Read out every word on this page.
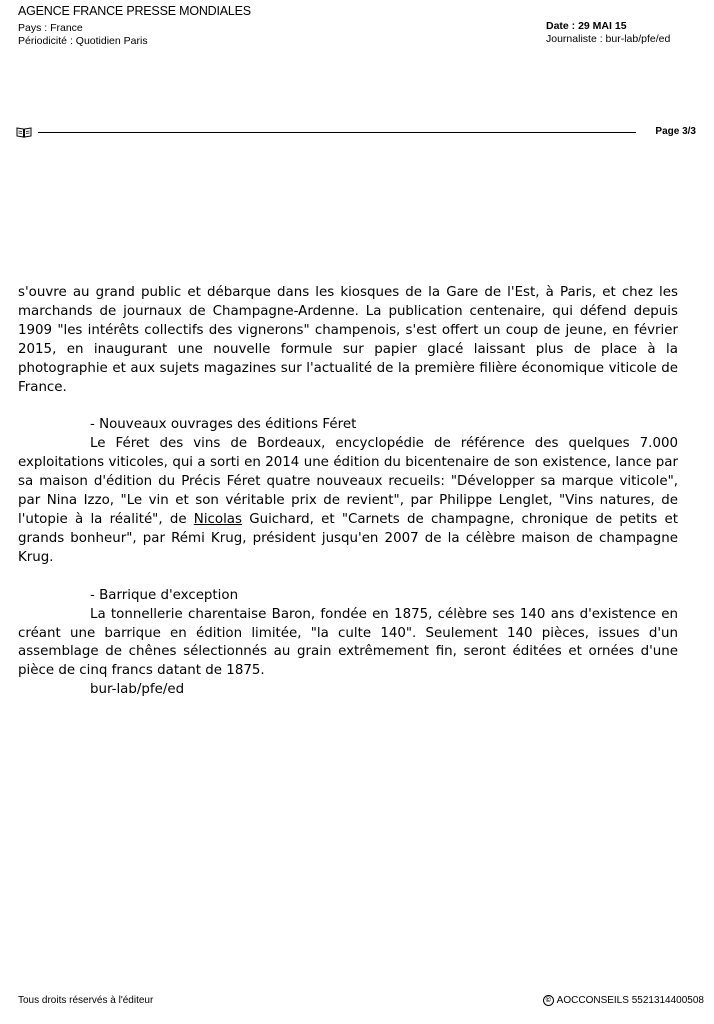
AGENCE FRANCE PRESSE MONDIALES
Pays : France
Périodicité : Quotidien Paris
Date : 29 MAI 15
Journaliste : bur-lab/pfe/ed
Page 3/3

s'ouvre au grand public et débarque dans les kiosques de la Gare de l'Est, à Paris, et chez les marchands de journaux de Champagne-Ardenne. La publication centenaire, qui défend depuis 1909 "les intérêts collectifs des vignerons" champenois, s'est offert un coup de jeune, en février 2015, en inaugurant une nouvelle formule sur papier glacé laissant plus de place à la photographie et aux sujets magazines sur l'actualité de la première filière économique viticole de France.

- Nouveaux ouvrages des éditions Féret

Le Féret des vins de Bordeaux, encyclopédie de référence des quelques 7.000 exploitations viticoles, qui a sorti en 2014 une édition du bicentenaire de son existence, lance par sa maison d'édition du Précis Féret quatre nouveaux recueils: "Développer sa marque viticole", par Nina Izzo, "Le vin et son véritable prix de revient", par Philippe Lenglet, "Vins natures, de l'utopie à la réalité", de Nicolas Guichard, et "Carnets de champagne, chronique de petits et grands bonheur", par Rémi Krug, président jusqu'en 2007 de la célèbre maison de champagne Krug.

- Barrique d'exception

La tonnellerie charentaise Baron, fondée en 1875, célèbre ses 140 ans d'existence en créant une barrique en édition limitée, "la culte 140". Seulement 140 pièces, issues d'un assemblage de chênes sélectionnés au grain extrêmement fin, seront éditées et ornées d'une pièce de cinq francs datant de 1875.

bur-lab/pfe/ed

Tous droits réservés à l'éditeur	© AOCCONSEILS 5521314400508
